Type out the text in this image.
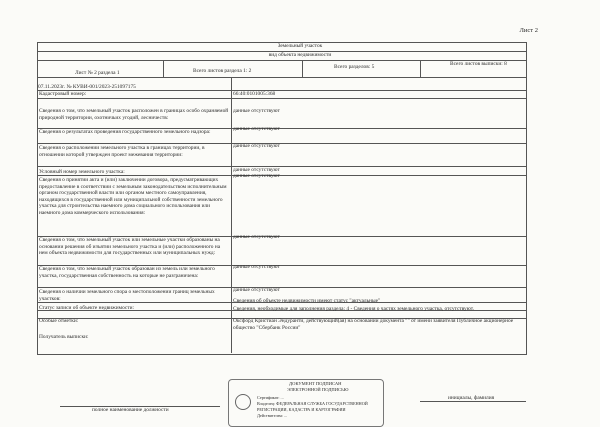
Лист 2
Земельный участок
вид объекта недвижимости
Лист № 2 раздела 1	Всего листов раздела 1: 2
Всего разделов: 5	Всего листов выписки: 8
07.11.2023г. № КУВИ-001/2023-251097175
Кадастровый номер:	66:40:0101005:368
Сведения о том, что земельный участок расположен в границах особо охраняемой природной территории, охотничьих угодий, лесничеств:
данные отсутствуют
Сведения о результатах проведения государственного земельного надзора:	данные отсутствуют
Сведения о расположении земельного участка в границах территории, в отношении которой утвержден проект межевания территории:
данные отсутствуют
Условный номер земельного участка:	данные отсутствуют
Сведения о принятии акта и (или) заключении договора, предусматривающих предоставление в соответствии с земельным законодательством исполнительным органом государственной власти или органом местного самоуправления, находящихся в государственной или муниципальной собственности земельного участка для строительства наемного дома социального использования или наемного дома коммерческого использования:
данные отсутствуют
Сведения о том, что земельный участок или земельные участки образованы на основании решения об изъятии земельного участка и (или) расположенного на нем объекта недвижимости для государственных или муниципальных нужд:
данные отсутствуют
Сведения о том, что земельный участок образован из земель или земельного участка, государственная собственность на которые не разграничена:
данные отсутствуют
Сведения о наличии земельного спора о местоположении границ земельных участков:
данные отсутствуют
Статус записи об объекте недвижимости:
Сведения об объекте недвижимости имеют статус "актуальные"
Особые отметки:
Сведения, необходимые для заполнения раздела: 4 - Сведения о частях земельного участка, отсутствуют.
Получатель выписки:
Оксфорд Кристиан Эндуранти, действующий(ая) на основании документа "" от имени заявителя Публичное акционерное общество "Сбербанк России"
ДОКУМЕНТ ПОДПИСАН
ЭЛЕКТРОННОЙ ПОДПИСЬЮ
Сертификат: ...
Владелец: ФЕДЕРАЛЬНАЯ СЛУЖБА ГОСУДАРСТВЕННОЙ
РЕГИСТРАЦИИ, КАДАСТРА И КАРТОГРАФИИ
Действителен: ...
полное наименование должности
инициалы, фамилия
